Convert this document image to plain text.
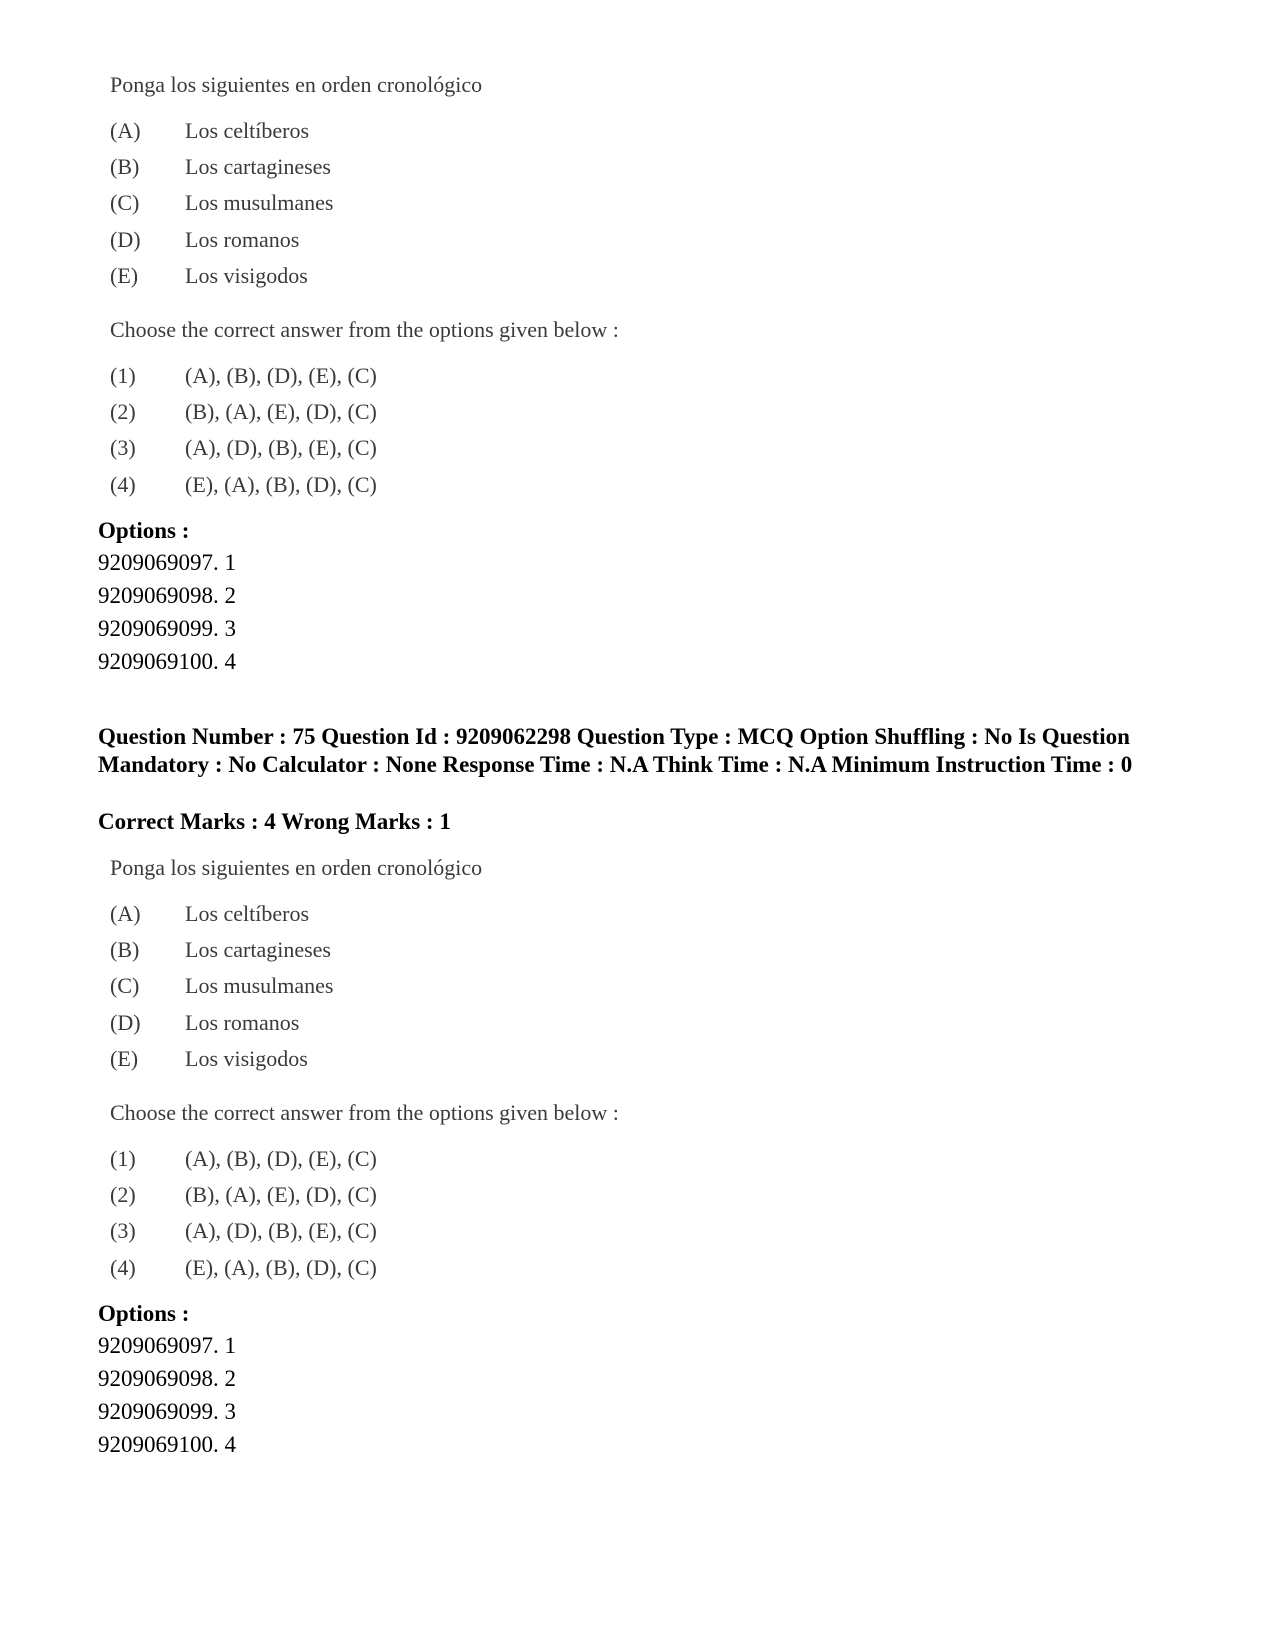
Ponga los siguientes en orden cronológico
(A) Los celtíberos
(B) Los cartagineses
(C) Los musulmanes
(D) Los romanos
(E) Los visigodos
Choose the correct answer from the options given below :
(1) (A), (B), (D), (E), (C)
(2) (B), (A), (E), (D), (C)
(3) (A), (D), (B), (E), (C)
(4) (E), (A), (B), (D), (C)
Options :
9209069097. 1
9209069098. 2
9209069099. 3
9209069100. 4
Question Number : 75 Question Id : 9209062298 Question Type : MCQ Option Shuffling : No Is Question Mandatory : No Calculator : None Response Time : N.A Think Time : N.A Minimum Instruction Time : 0
Correct Marks : 4 Wrong Marks : 1
Ponga los siguientes en orden cronológico
(A) Los celtíberos
(B) Los cartagineses
(C) Los musulmanes
(D) Los romanos
(E) Los visigodos
Choose the correct answer from the options given below :
(1) (A), (B), (D), (E), (C)
(2) (B), (A), (E), (D), (C)
(3) (A), (D), (B), (E), (C)
(4) (E), (A), (B), (D), (C)
Options :
9209069097. 1
9209069098. 2
9209069099. 3
9209069100. 4
